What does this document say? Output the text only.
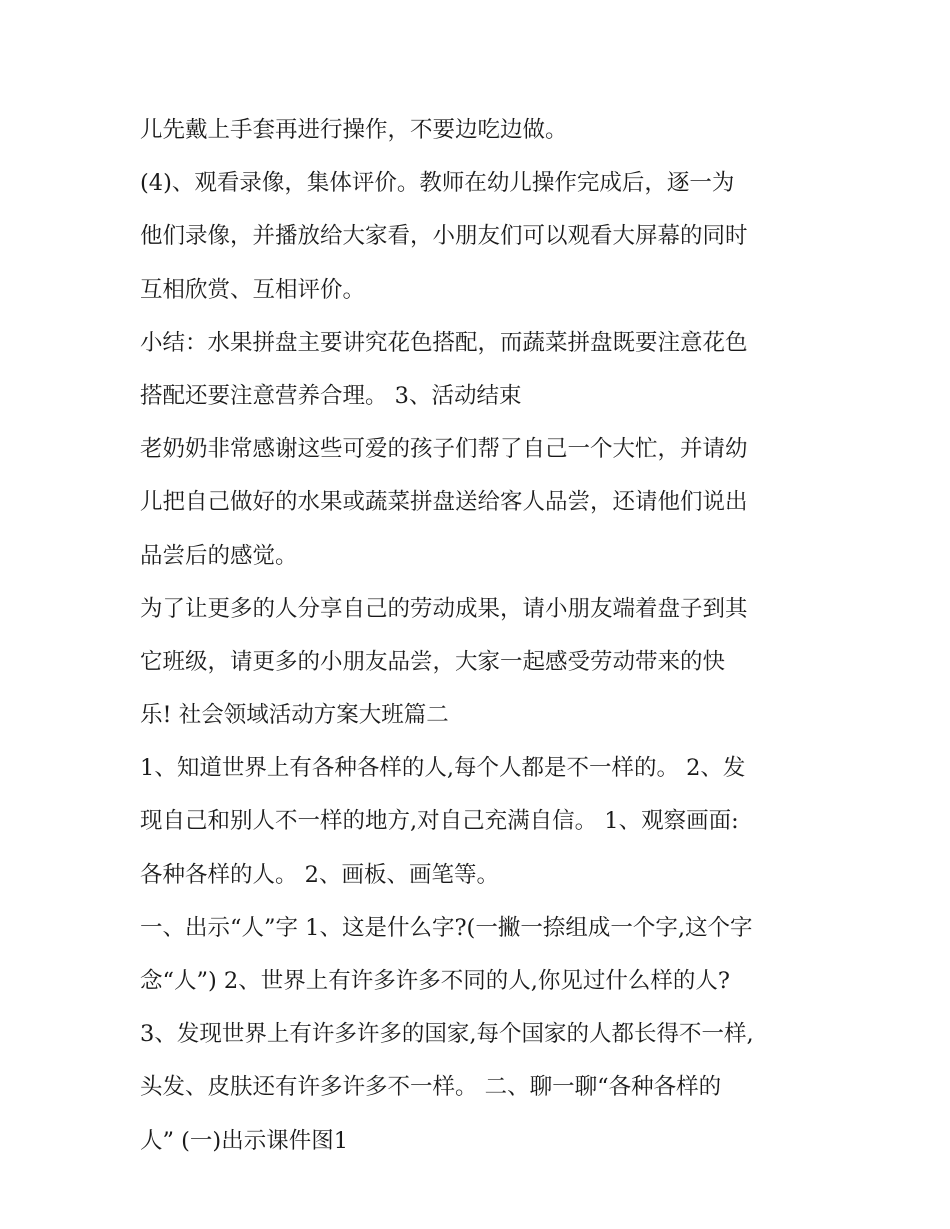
儿先戴上手套再进行操作，不要边吃边做。
(4)、观看录像，集体评价。教师在幼儿操作完成后，逐一为
他们录像，并播放给大家看，小朋友们可以观看大屏幕的同时
互相欣赏、互相评价。
小结：水果拼盘主要讲究花色搭配，而蔬菜拼盘既要注意花色
搭配还要注意营养合理。 3、活动结束
老奶奶非常感谢这些可爱的孩子们帮了自己一个大忙，并请幼
儿把自己做好的水果或蔬菜拼盘送给客人品尝，还请他们说出
品尝后的感觉。
为了让更多的人分享自己的劳动成果，请小朋友端着盘子到其
它班级，请更多的小朋友品尝，大家一起感受劳动带来的快
乐! 社会领域活动方案大班篇二
1、知道世界上有各种各样的人,每个人都是不一样的。 2、发
现自己和别人不一样的地方,对自己充满自信。 1、观察画面:
各种各样的人。 2、画板、画笔等。
一、出示“人”字 1、这是什么字?(一撇一捺组成一个字,这个字
念“人”) 2、世界上有许多许多不同的人,你见过什么样的人?
3、发现世界上有许多许多的国家,每个国家的人都长得不一样,
头发、皮肤还有许多许多不一样。 二、聊一聊“各种各样的
人” (一)出示课件图1
